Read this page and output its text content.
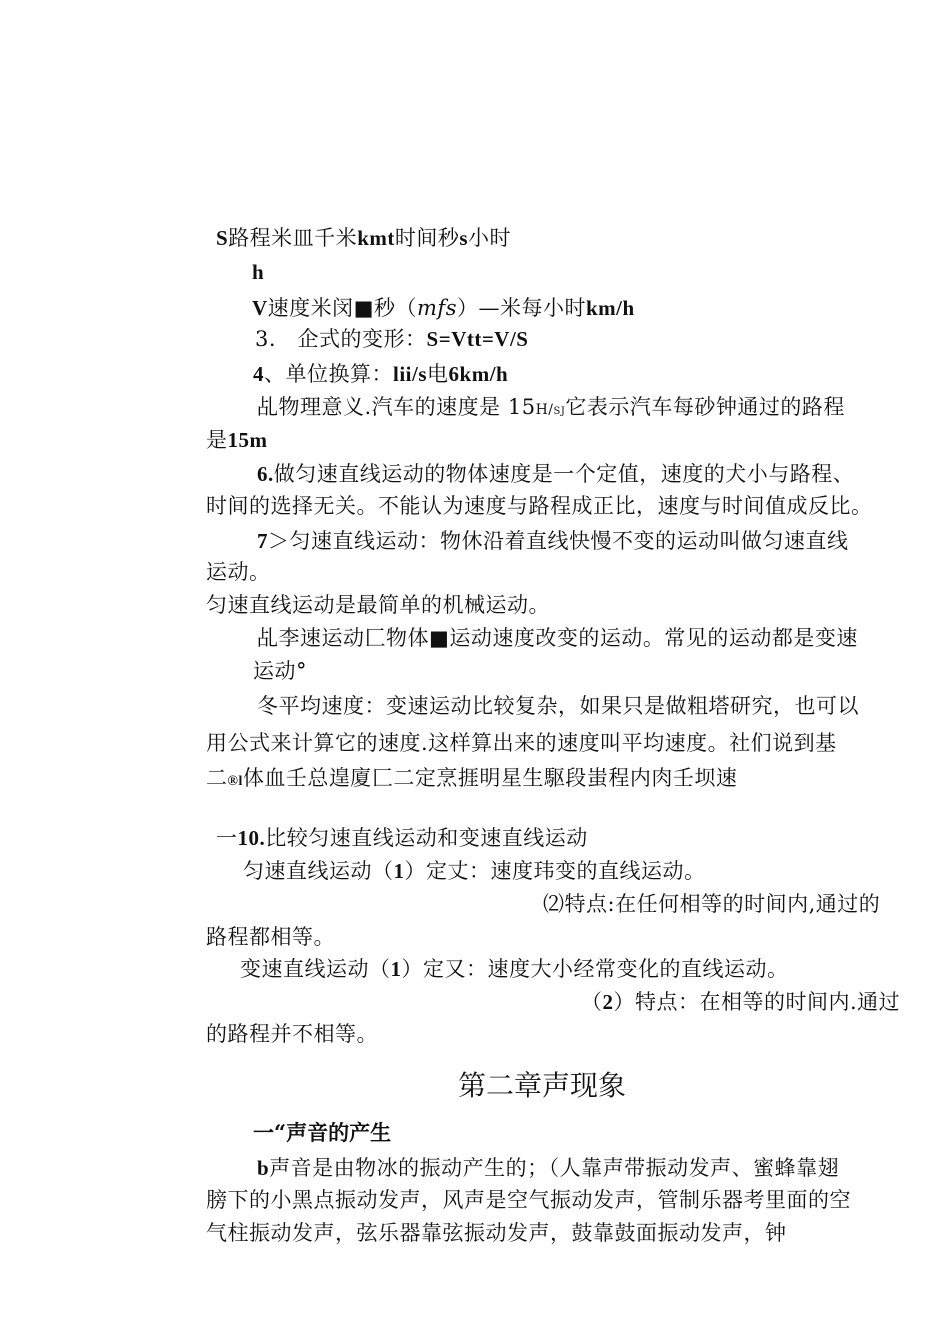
S路程米皿千米kmt时间秒s小时
h
V速度米闵■秒（mfs）—米每小时km/h
3.　企式的变形：S=Vtt=V/S
4、单位换算：lii/s电6km/h
乩物理意义.汽车的速度是 15H/SJ它表示汽车每砂钟通过的路程
是15m
6.做匀速直线运动的物体速度是一个定值，速度的犬小与路程、
时间的选择无关。不能认为速度与路程成正比，速度与时间值成反比。
7＞匀速直线运动：物休沿着直线快慢不变的运动叫做匀速直线
运动。
匀速直线运动是最简单的机械运动。
乩李速运动匚物体■运动速度改变的运动。常见的运动都是变速
运动°
冬平均速度：变速运动比较复杂，如果只是做粗塔研究，也可以
用公式来计算它的速度.这样算出来的速度叫平均速度。社们说到基
二®l体血壬总遑廈匚二定烹捱明星生駆段蚩程内肉壬坝速
一10.比较匀速直线运动和变速直线运动
匀速直线运动（1）定丈：速度玮变的直线运动。
⑵特点:在任何相等的时间内,通过的
路程都相等。
变速直线运动（1）定又：速度大小经常变化的直线运动。
（2）特点：在相等的时间内.通过
的路程并不相等。
第二章声现象
一“声音的产生
b声音是由物冰的振动产生的；（人靠声带振动发声、蜜蜂靠翅
膀下的小黑点振动发声，风声是空气振动发声，管制乐器考里面的空
气柱振动发声，弦乐器靠弦振动发声，鼓靠鼓面振动发声，钟
